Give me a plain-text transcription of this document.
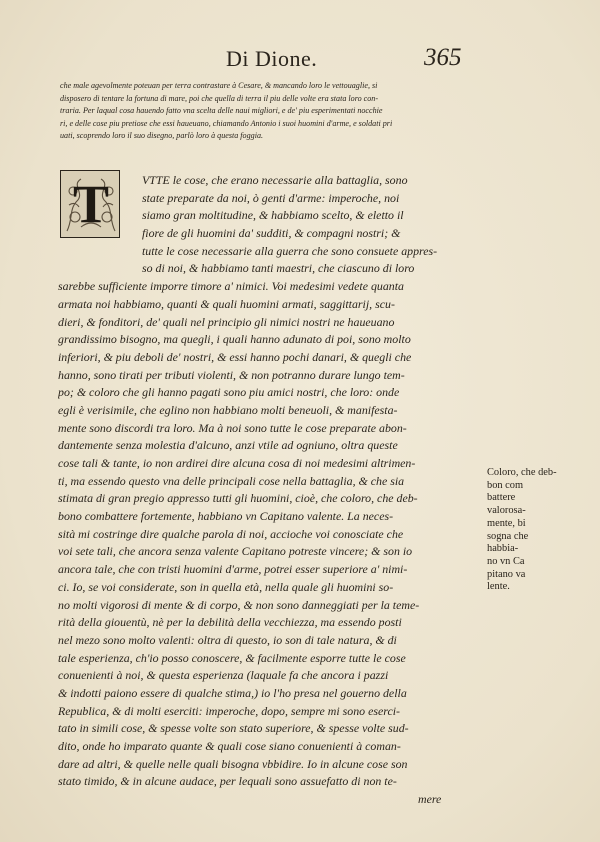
Di Dione.	365
che male agevolmente poteuan per terra contrastare à Cesare, & mancando loro le vettouaglie, si
disposero di tentare la fortuna di mare, poi che quella di terra il piu delle volte era stata loro con-
traria. Per laqual cosa hauendo fatto vna scelta delle naui migliori, e de' piu esperimentati nocchie
ri, e delle cose piu pretiose che essi haueuano, chiamando Antonio i suoi huomini d'arme, e soldati pri
uati, scoprendo loro il suo disegno, parlò loro à questa foggia.
T	VTTE le cose, che erano necessarie alla battaglia, sono
state preparate da noi, ò genti d'arme: imperoche, noi
siamo gran moltitudine, & habbiamo scelto, & eletto il
fiore de gli huomini da' sudditi, & compagni nostri; &
tutte le cose necessarie alla guerra che sono consuete appres-
so di noi, & habbiamo tanti maestri, che ciascuno di loro
sarebbe sufficiente imporre timore a' nimici. Voi medesimi vedete quanta
armata noi habbiamo, quanti & quali huomini armati, saggittarij, scu-
dieri, & fonditori, de' quali nel principio gli nimici nostri ne haueuano
grandissimo bisogno, ma quegli, i quali hanno adunato di poi, sono molto
inferiori, & piu deboli de' nostri, & essi hanno pochi danari, & quegli che
hanno, sono tirati per tributi violenti, & non potranno durare lungo tem-
po; & coloro che gli hanno pagati sono piu amici nostri, che loro: onde
egli è verisimile, che eglino non habbiano molti beneuoli, & manifesta-
mente sono discordi tra loro. Ma à noi sono tutte le cose preparate abon-
dantemente senza molestia d'alcuno, anzi vtile ad ogniuno, oltra queste
cose tali & tante, io non ardirei dire alcuna cosa di noi medesimi altrimen-
ti, ma essendo questo vna delle principali cose nella battaglia, & che sia
stimata di gran pregio appresso tutti gli huomini, cioè, che coloro, che deb-
bono combattere fortemente, habbiano vn Capitano valente. La neces-
sità mi costringe dire qualche parola di noi, accioche voi conosciate che
voi sete tali, che ancora senza valente Capitano potreste vincere; & son io
ancora tale, che con tristi huomini d'arme, potrei esser superiore a' nimi-
ci. Io, se voi considerate, son in quella età, nella quale gli huomini so-
no molti vigorosi di mente & di corpo, & non sono danneggiati per la teme-
rità della giouentù, nè per la debilità della vecchiezza, ma essendo posti
nel mezo sono molto valenti: oltra di questo, io son di tale natura, & di
tale esperienza, ch'io posso conoscere, & facilmente esporre tutte le cose
conuenienti à noi, & questa esperienza (laquale fa che ancora i pazzi
& indotti paiono essere di qualche stima,) io l'ho presa nel gouerno della
Republica, & di molti eserciti: imperoche, dopo, sempre mi sono eserci-
tato in simili cose, & spesse volte son stato superiore, & spesse volte sud-
dito, onde ho imparato quante & quali cose siano conuenienti à coman-
dare ad altri, & quelle nelle quali bisogna vbbidire. Io in alcune cose son
stato timido, & in alcune audace, per lequali sono assuefatto di non te-
mere
Coloro, che deb-
bon com
battere
valorosa-
mente, bi
sogna che
habbia-
no vn Ca
pitano va
lente.
